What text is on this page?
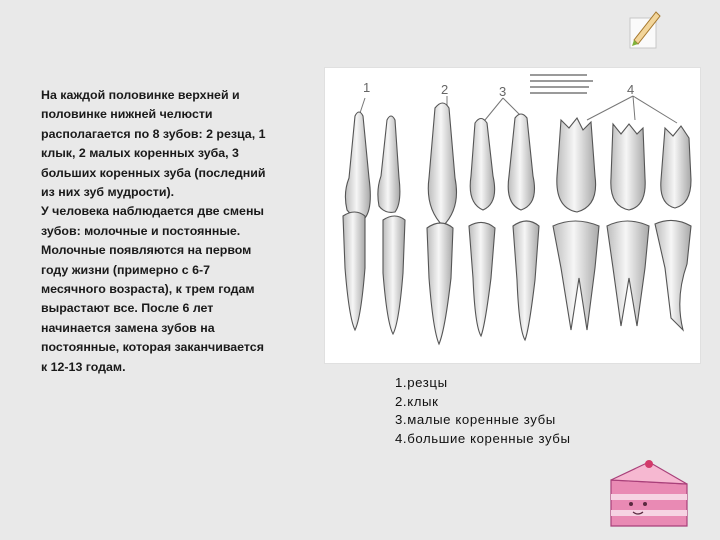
На каждой половинке верхней и
половинке нижней челюсти
располагается по 8 зубов: 2 резца, 1
клык, 2 малых коренных зуба, 3
больших коренных зуба (последний
из них зуб мудрости).
У человека наблюдается две смены
зубов: молочные и постоянные.
Молочные появляются на первом
году жизни (примерно с 6-7
месячного возраста), к трем годам
вырастают все. После 6 лет
начинается замена зубов на
постоянные, которая заканчивается
к 12-13 годам.
1	2	3	4
1.резцы
2.клык
3.малые коренные зубы
4.большие коренные зубы
